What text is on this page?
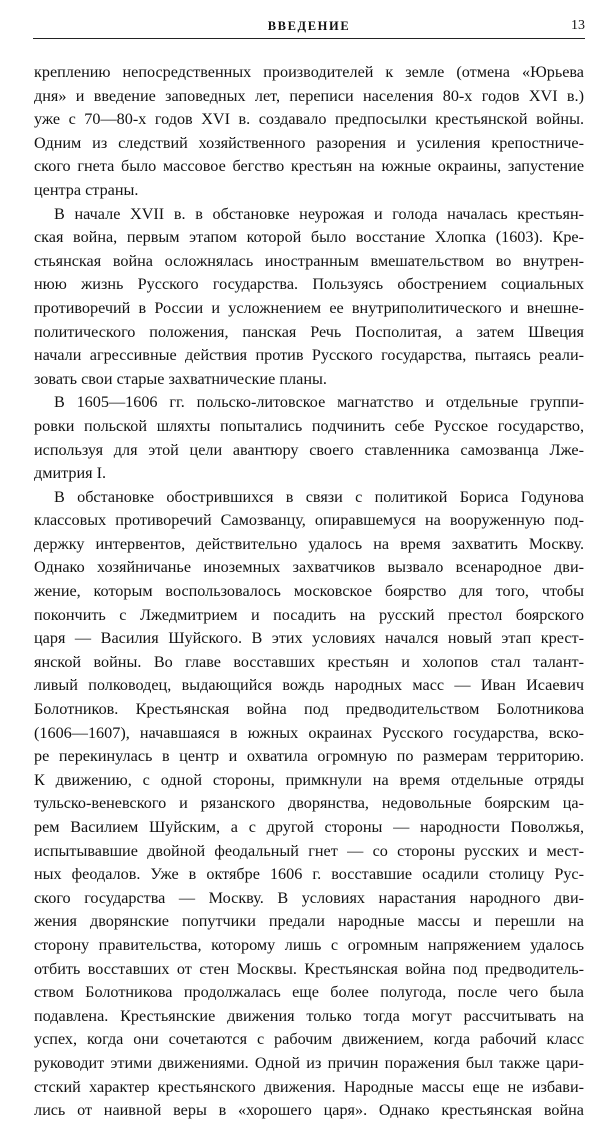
ВВЕДЕНИЕ	13
креплению непосредственных производителей к земле (отмена «Юрьева
дня» и введение заповедных лет, переписи населения 80-х годов XVI в.)
уже с 70—80-х годов XVI в. создавало предпосылки крестьянской войны.
Одним из следствий хозяйственного разорения и усиления крепостниче-
ского гнета было массовое бегство крестьян на южные окраины, запустение
центра страны.
В начале XVII в. в обстановке неурожая и голода началась крестьян-
ская война, первым этапом которой было восстание Хлопка (1603). Кре-
стьянская война осложнялась иностранным вмешательством во внутрен-
нюю жизнь Русского государства. Пользуясь обострением социальных
противоречий в России и усложнением ее внутриполитического и внешне-
политического положения, панская Речь Посполитая, а затем Швеция
начали агрессивные действия против Русского государства, пытаясь реали-
зовать свои старые захватнические планы.
В 1605—1606 гг. польско-литовское магнатство и отдельные группи-
ровки польской шляхты попытались подчинить себе Русское государство,
используя для этой цели авантюру своего ставленника самозванца Лже-
дмитрия I.
В обстановке обострившихся в связи с политикой Бориса Годунова
классовых противоречий Самозванцу, опиравшемуся на вооруженную под-
держку интервентов, действительно удалось на время захватить Москву.
Однако хозяйничанье иноземных захватчиков вызвало всенародное дви-
жение, которым воспользовалось московское боярство для того, чтобы
покончить с Лжедмитрием и посадить на русский престол боярского
царя — Василия Шуйского. В этих условиях начался новый этап крест-
янской войны. Во главе восставших крестьян и холопов стал талант-
ливый полководец, выдающийся вождь народных масс — Иван Исаевич
Болотников. Крестьянская война под предводительством Болотникова
(1606—1607), начавшаяся в южных окраинах Русского государства, вско-
ре перекинулась в центр и охватила огромную по размерам территорию.
К движению, с одной стороны, примкнули на время отдельные отряды
тульско-веневского и рязанского дворянства, недовольные боярским ца-
рем Василием Шуйским, а с другой стороны — народности Поволжья,
испытывавшие двойной феодальный гнет — со стороны русских и мест-
ных феодалов. Уже в октябре 1606 г. восставшие осадили столицу Рус-
ского государства — Москву. В условиях нарастания народного дви-
жения дворянские попутчики предали народные массы и перешли на
сторону правительства, которому лишь с огромным напряжением удалось
отбить восставших от стен Москвы. Крестьянская война под предводитель-
ством Болотникова продолжалась еще более полугода, после чего была
подавлена. Крестьянские движения только тогда могут рассчитывать на
успех, когда они сочетаются с рабочим движением, когда рабочий класс
руководит этими движениями. Одной из причин поражения был также цари-
стский характер крестьянского движения. Народные массы еще не избави-
лись от наивной веры в «хорошего царя». Однако крестьянская война
